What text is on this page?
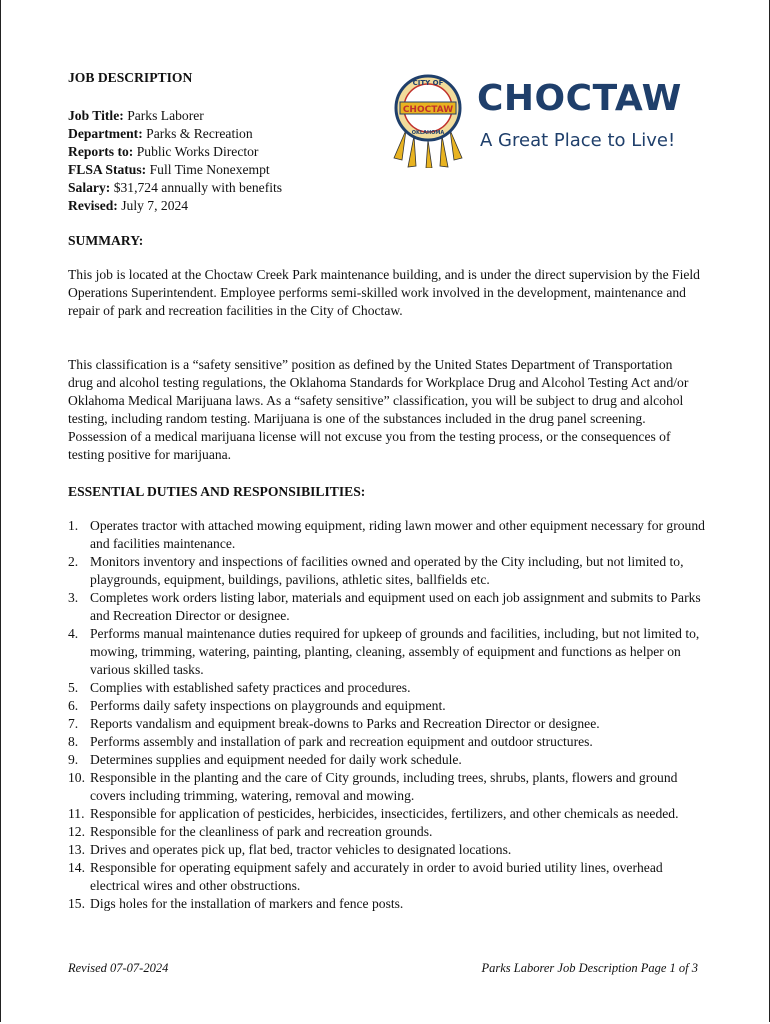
JOB DESCRIPTION
Job Title: Parks Laborer
Department: Parks & Recreation
Reports to: Public Works Director
FLSA Status: Full Time Nonexempt
Salary: $31,724 annually with benefits
Revised: July 7, 2024
CITY OF
CHOCTAW
OKLAHOMA
CHOCTAW
A Great Place to Live!
SUMMARY:
This job is located at the Choctaw Creek Park maintenance building, and is under the direct supervision by the Field Operations Superintendent. Employee performs semi-skilled work involved in the development, maintenance and repair of park and recreation facilities in the City of Choctaw.
This classification is a “safety sensitive” position as defined by the United States Department of Transportation drug and alcohol testing regulations, the Oklahoma Standards for Workplace Drug and Alcohol Testing Act and/or Oklahoma Medical Marijuana laws. As a “safety sensitive” classification, you will be subject to drug and alcohol testing, including random testing. Marijuana is one of the substances included in the drug panel screening. Possession of a medical marijuana license will not excuse you from the testing process, or the consequences of testing positive for marijuana.
ESSENTIAL DUTIES AND RESPONSIBILITIES:
1. Operates tractor with attached mowing equipment, riding lawn mower and other equipment necessary for ground and facilities maintenance.
2. Monitors inventory and inspections of facilities owned and operated by the City including, but not limited to, playgrounds, equipment, buildings, pavilions, athletic sites, ballfields etc.
3. Completes work orders listing labor, materials and equipment used on each job assignment and submits to Parks and Recreation Director or designee.
4. Performs manual maintenance duties required for upkeep of grounds and facilities, including, but not limited to, mowing, trimming, watering, painting, planting, cleaning, assembly of equipment and functions as helper on various skilled tasks.
5. Complies with established safety practices and procedures.
6. Performs daily safety inspections on playgrounds and equipment.
7. Reports vandalism and equipment break-downs to Parks and Recreation Director or designee.
8. Performs assembly and installation of park and recreation equipment and outdoor structures.
9. Determines supplies and equipment needed for daily work schedule.
10. Responsible in the planting and the care of City grounds, including trees, shrubs, plants, flowers and ground covers including trimming, watering, removal and mowing.
11. Responsible for application of pesticides, herbicides, insecticides, fertilizers, and other chemicals as needed.
12. Responsible for the cleanliness of park and recreation grounds.
13. Drives and operates pick up, flat bed, tractor vehicles to designated locations.
14. Responsible for operating equipment safely and accurately in order to avoid buried utility lines, overhead electrical wires and other obstructions.
15. Digs holes for the installation of markers and fence posts.
Revised 07-07-2024	Parks Laborer Job Description Page 1 of 3
